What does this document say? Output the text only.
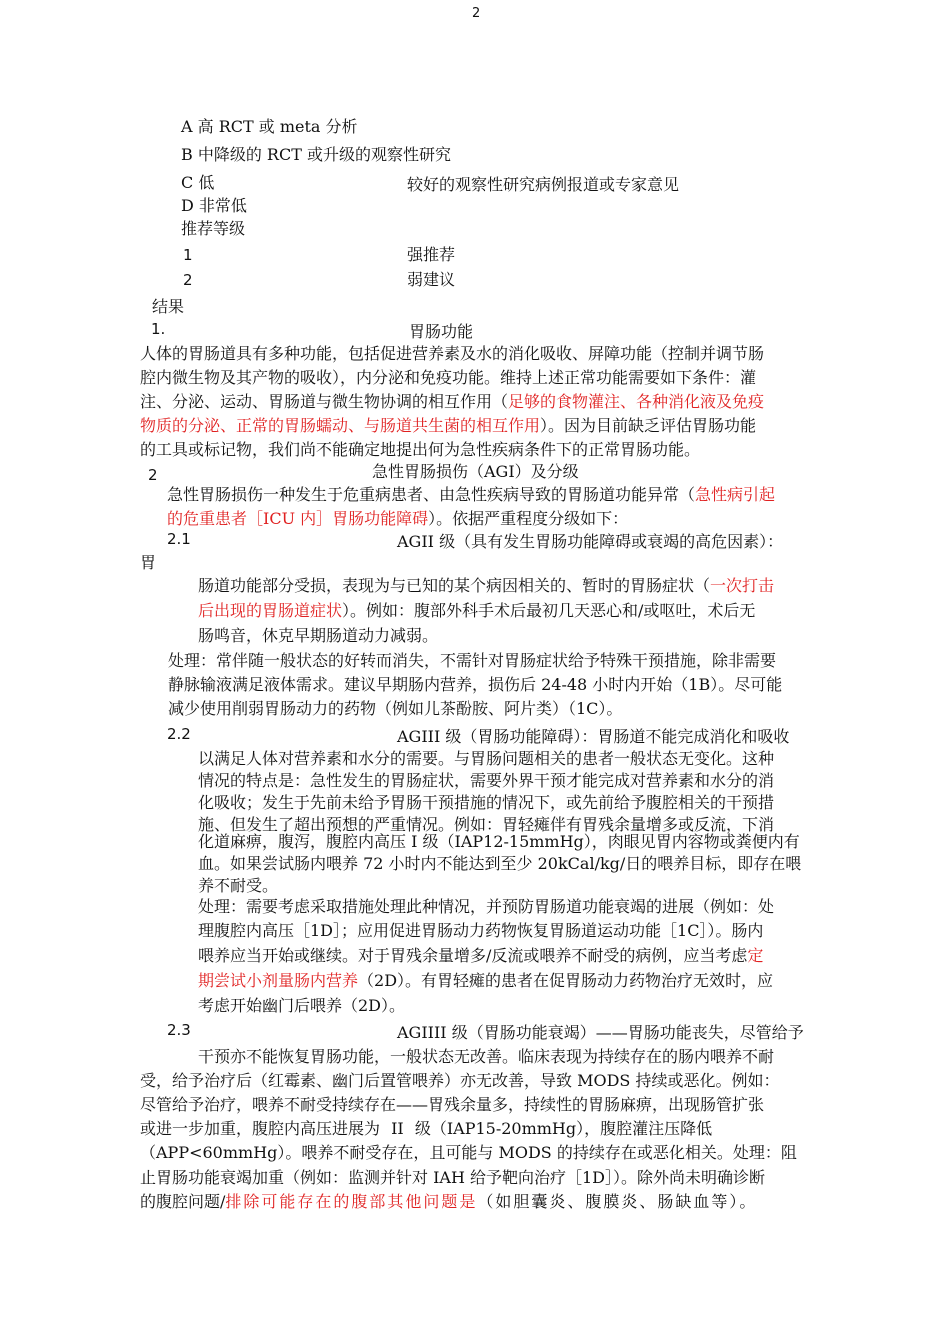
2
A 高 RCT 或 meta 分析
B 中降级的 RCT 或升级的观察性研究
C 低	较好的观察性研究病例报道或专家意见
D 非常低
推荐等级
1	强推荐
2	弱建议
结果
1.	胃肠功能
人体的胃肠道具有多种功能，包括促进营养素及水的消化吸收、屏障功能（控制并调节肠
腔内微生物及其产物的吸收），内分泌和免疫功能。维持上述正常功能需要如下条件：灌
注、分泌、运动、胃肠道与微生物协调的相互作用（足够的食物灌注、各种消化液及免疫
物质的分泌、正常的胃肠蠕动、与肠道共生菌的相互作用）。因为目前缺乏评估胃肠功能
的工具或标记物，我们尚不能确定地提出何为急性疾病条件下的正常胃肠功能。
2	急性胃肠损伤（AGI）及分级
急性胃肠损伤一种发生于危重病患者、由急性疾病导致的胃肠道功能异常（急性病引起
的危重患者［ICU 内］胃肠功能障碍）。依据严重程度分级如下：
2.1	AGII 级（具有发生胃肠功能障碍或衰竭的高危因素）：
胃
肠道功能部分受损，表现为与已知的某个病因相关的、暂时的胃肠症状（一次打击
后出现的胃肠道症状）。例如：腹部外科手术后最初几天恶心和/或呕吐，术后无
肠鸣音，休克早期肠道动力减弱。
处理：常伴随一般状态的好转而消失，不需针对胃肠症状给予特殊干预措施，除非需要
静脉输液满足液体需求。建议早期肠内营养，损伤后 24-48 小时内开始（1B）。尽可能
减少使用削弱胃肠动力的药物（例如儿茶酚胺、阿片类）（1C）。
2.2	AGIII 级（胃肠功能障碍）：胃肠道不能完成消化和吸收
以满足人体对营养素和水分的需要。与胃肠问题相关的患者一般状态无变化。这种
情况的特点是：急性发生的胃肠症状，需要外界干预才能完成对营养素和水分的消
化吸收；发生于先前未给予胃肠干预措施的情况下，或先前给予腹腔相关的干预措
施、但发生了超出预想的严重情况。例如：胃轻瘫伴有胃残余量增多或反流，下消
化道麻痹，腹泻，腹腔内高压 I 级（IAP12-15mmHg），肉眼见胃内容物或粪便内有
血。如果尝试肠内喂养 72 小时内不能达到至少 20kCal/kg/日的喂养目标，即存在喂
养不耐受。
处理：需要考虑采取措施处理此种情况，并预防胃肠道功能衰竭的进展（例如：处
理腹腔内高压［1D］；应用促进胃肠动力药物恢复胃肠道运动功能［1C］）。肠内
喂养应当开始或继续。对于胃残余量增多/反流或喂养不耐受的病例，应当考虑定
期尝试小剂量肠内营养（2D）。有胃轻瘫的患者在促胃肠动力药物治疗无效时，应
考虑开始幽门后喂养（2D）。
2.3	AGIIII 级（胃肠功能衰竭）——胃肠功能丧失，尽管给予
干预亦不能恢复胃肠功能，一般状态无改善。临床表现为持续存在的肠内喂养不耐
受，给予治疗后（红霉素、幽门后置管喂养）亦无改善，导致 MODS 持续或恶化。例如：
尽管给予治疗，喂养不耐受持续存在——胃残余量多，持续性的胃肠麻痹，出现肠管扩张
或进一步加重，腹腔内高压进展为 II 级（IAP15-20mmHg），腹腔灌注压降低
（APP<60mmHg）。喂养不耐受存在，且可能与 MODS 的持续存在或恶化相关。处理：阻
止胃肠功能衰竭加重（例如：监测并针对 IAH 给予靶向治疗［1D］）。除外尚未明确诊断
的腹腔问题/排除可能存在的腹部其他问题是（如胆囊炎、腹膜炎、肠缺血等）。
